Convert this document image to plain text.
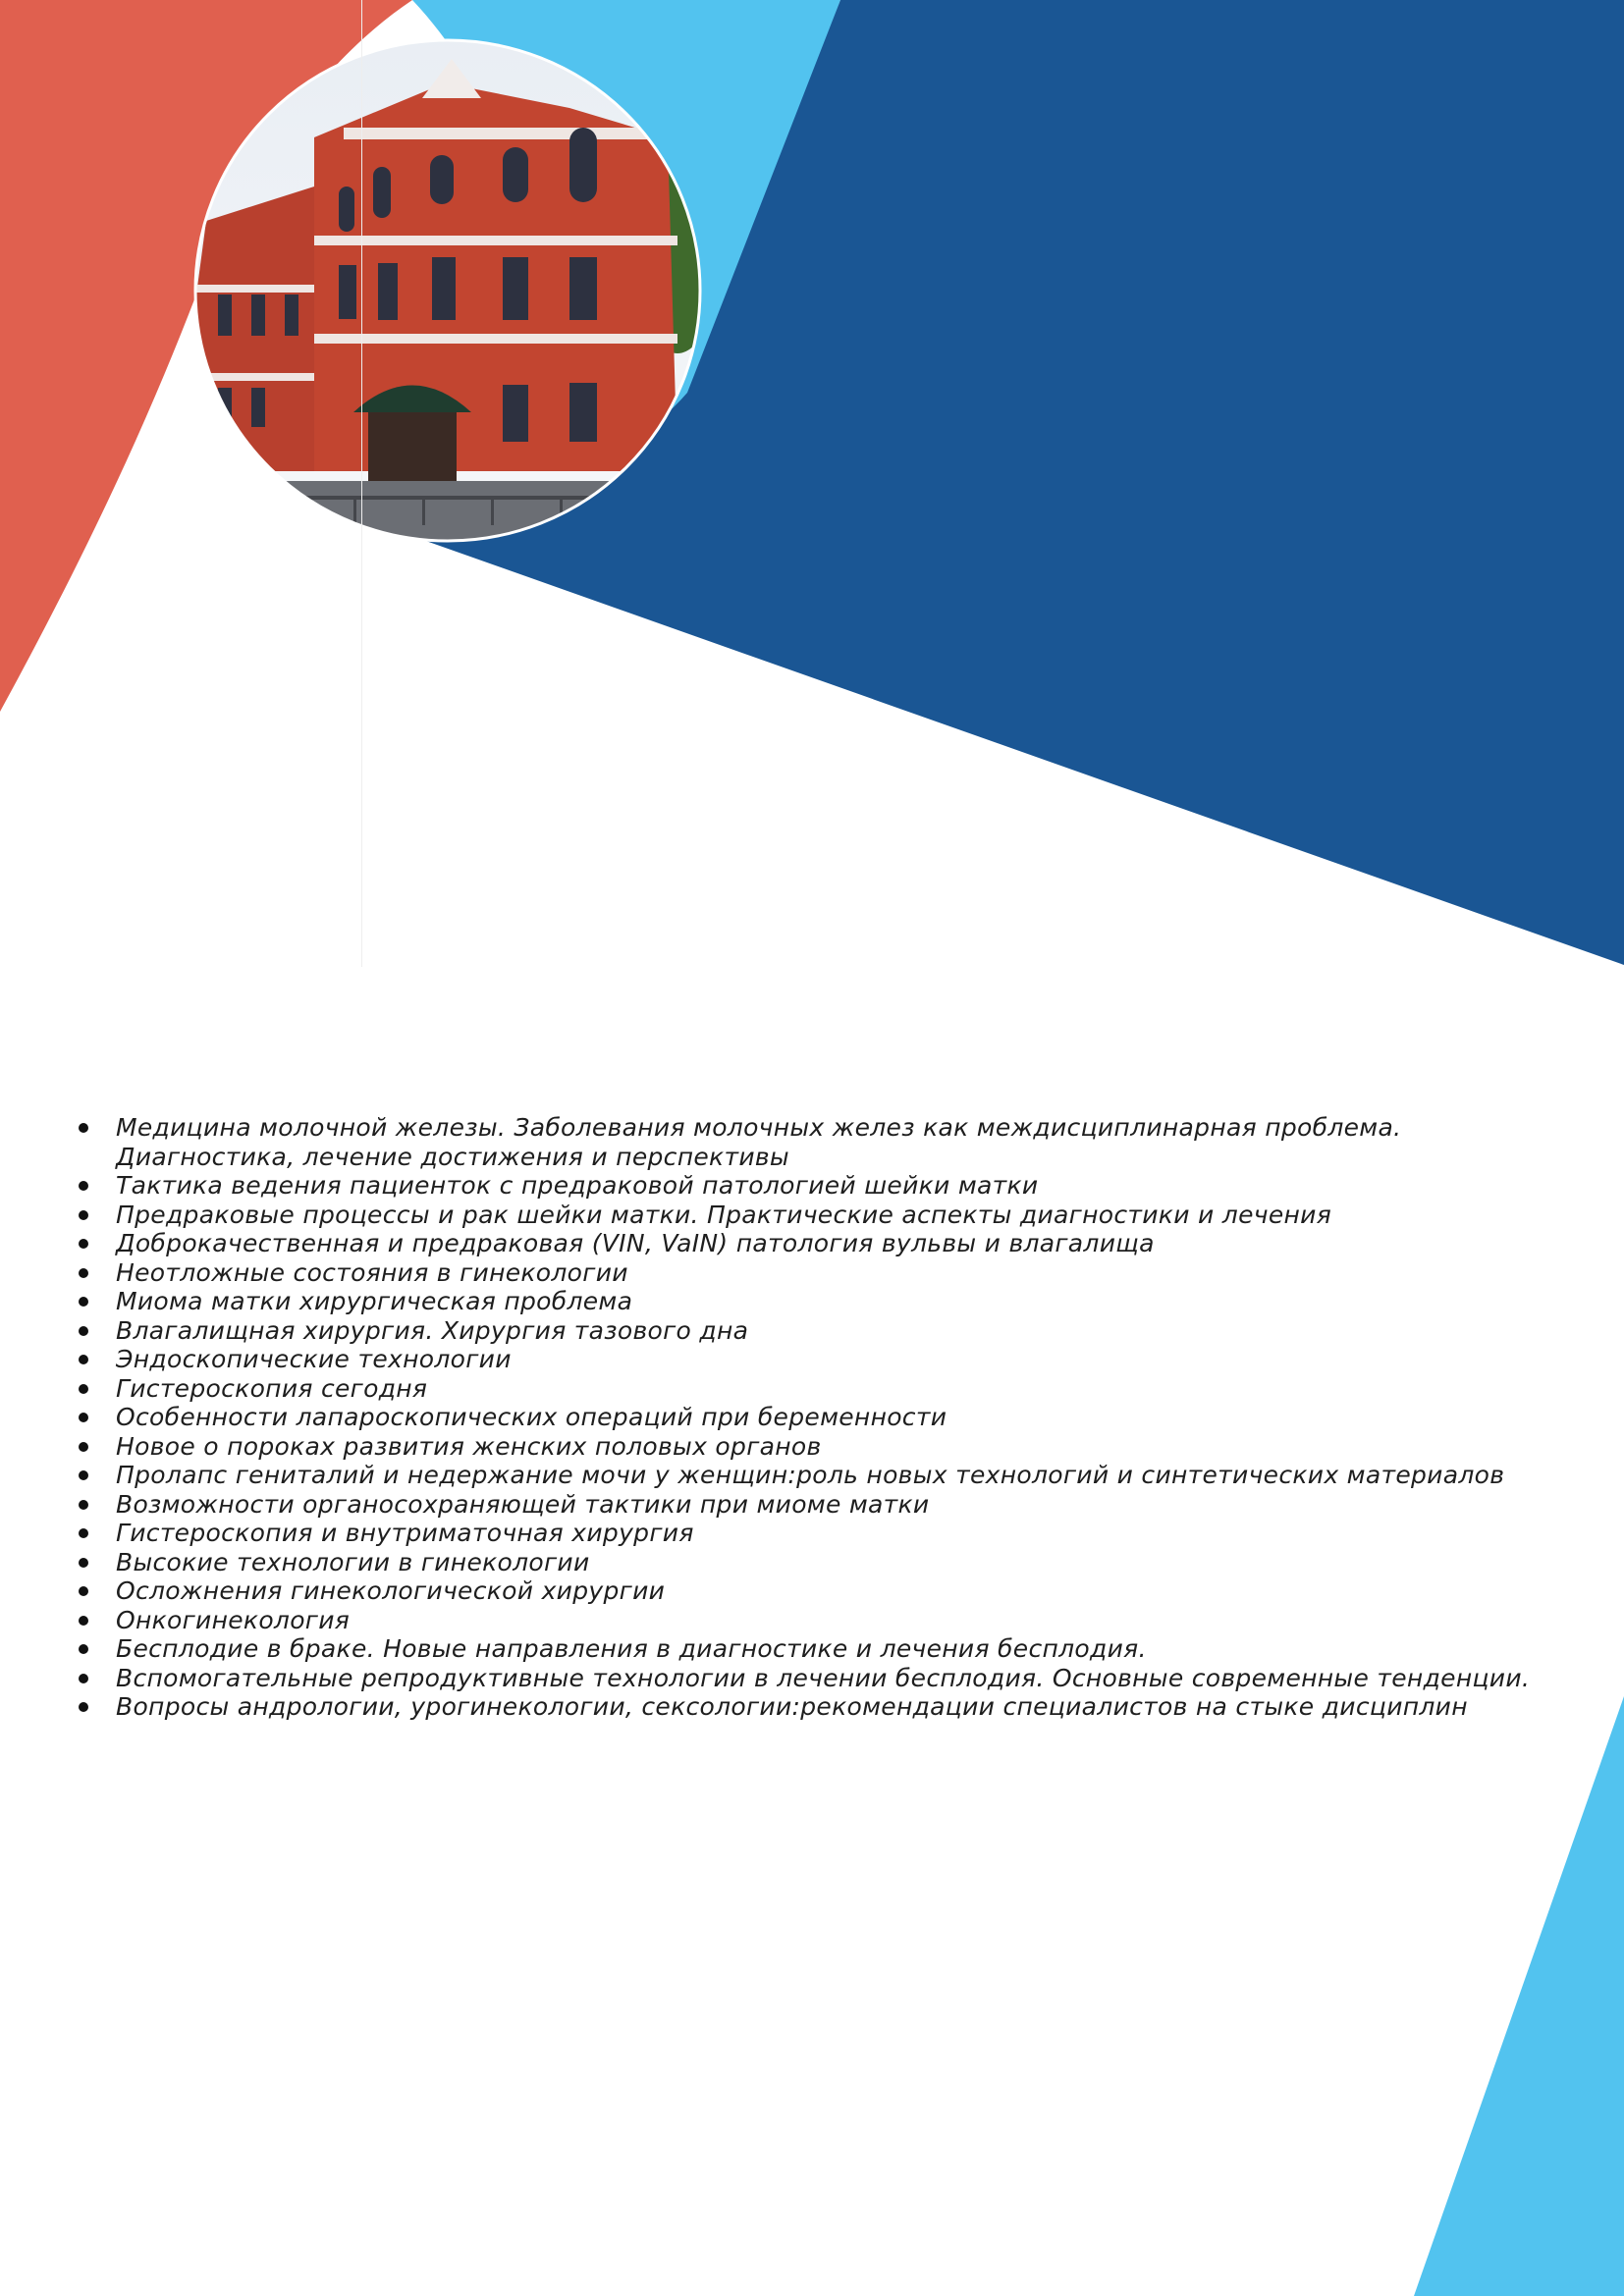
Медицина молочной железы. Заболевания молочных желез как междисциплинарная проблема. Диагностика, лечение достижения и перспективы
Тактика ведения пациенток с предраковой патологией шейки матки
Предраковые процессы и рак шейки матки. Практические аспекты диагностики и лечения
Доброкачественная и предраковая (VIN, VaIN) патология вульвы и влагалища
Неотложные состояния в гинекологии
Миома матки хирургическая проблема
Влагалищная хирургия. Хирургия тазового дна
Эндоскопические технологии
Гистероскопия сегодня
Особенности лапароскопических операций при беременности
Новое о пороках развития женских половых органов
Пролапс гениталий и недержание мочи у женщин:роль новых технологий и синтетических материалов
Возможности органосохраняющей тактики при миоме матки
Гистероскопия и внутриматочная хирургия
Высокие технологии в гинекологии
Осложнения гинекологической хирургии
Онкогинекология
Бесплодие в браке. Новые направления в диагностике и лечения бесплодия.
Вспомогательные репродуктивные технологии в лечении бесплодия. Основные современные тенденции.
Вопросы андрологии, урогинекологии, сексологии:рекомендации специалистов на стыке дисциплин
